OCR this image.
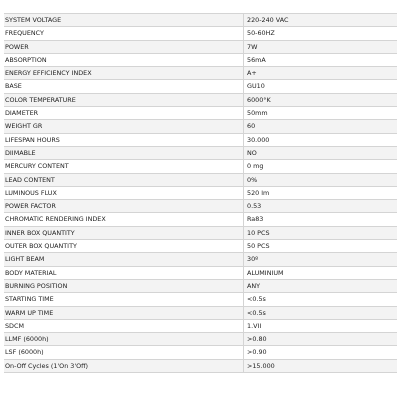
SYSTEM VOLTAGE	220-240 VAC
FREQUENCY	50-60HZ
POWER	7W
ABSORPTION	56mA
ENERGY EFFICIENCY INDEX	A+
BASE	GU10
COLOR TEMPERATURE	6000°K
DIAMETER	50mm
WEIGHT GR	60
LIFESPAN HOURS	30.000
DIIMABLE	NO
MERCURY CONTENT	0 mg
LEAD CONTENT	0%
LUMINOUS FLUX	520 lm
POWER FACTOR	0.53
CHROMATIC RENDERING INDEX	Ra83
INNER BOX QUANTITY	10 PCS
OUTER BOX QUANTITY	50 PCS
LIGHT BEAM	30º
BODY MATERIAL	ALUMINIUM
BURNING POSITION	ANY
STARTING TIME	<0.5s
WARM UP TIME	<0.5s
SDCM	1.VII
LLMF (6000h)	>0.80
LSF (6000h)	>0.90
On-Off Cycles (1'On 3'Off)	>15.000
